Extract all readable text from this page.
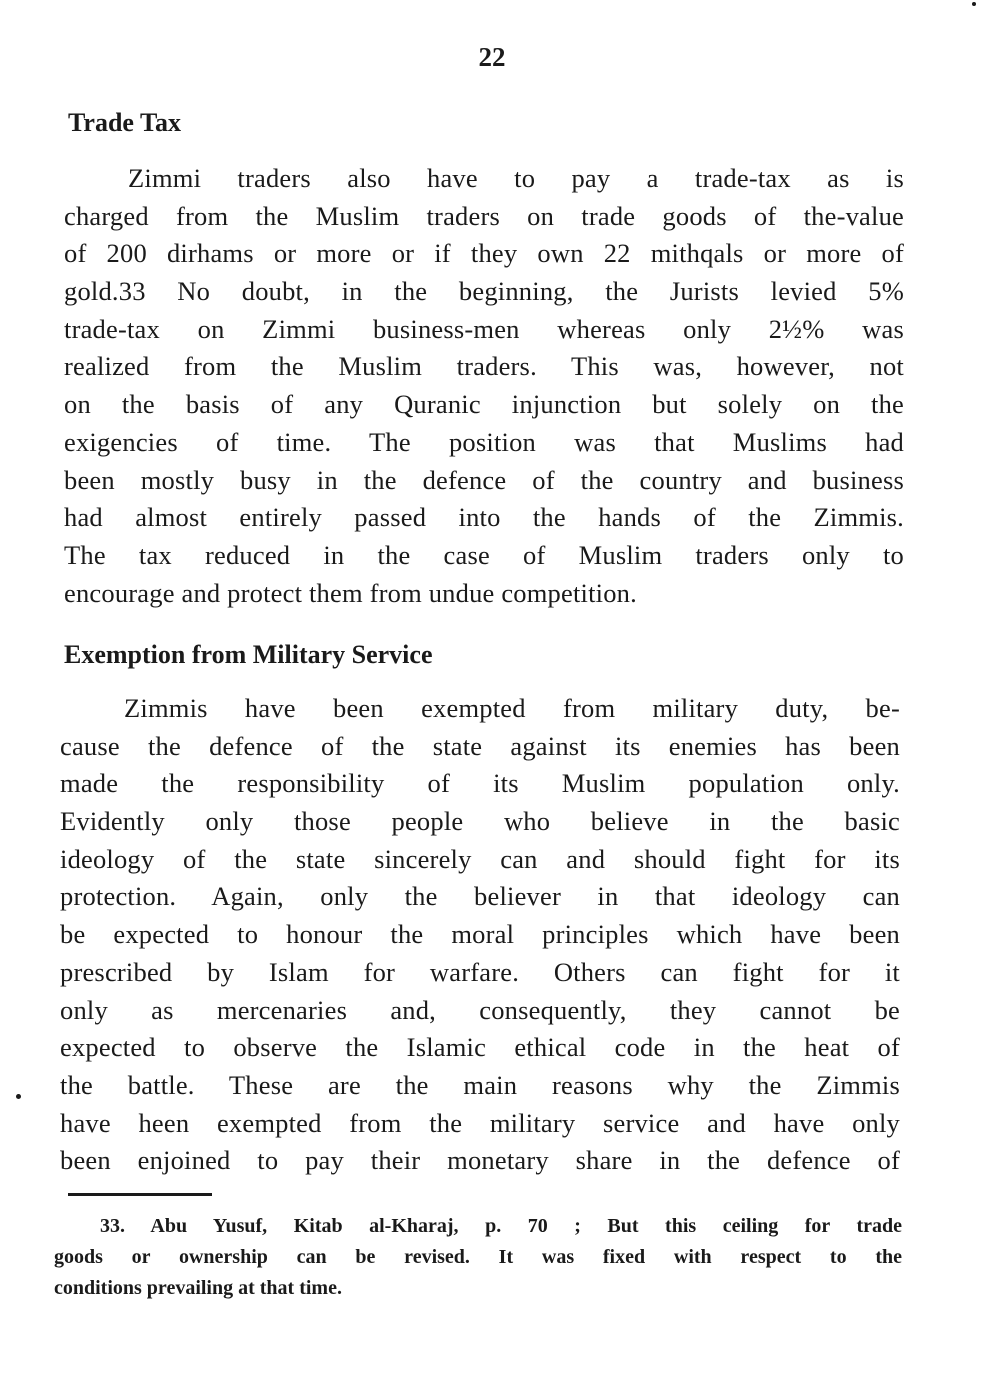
22
Trade Tax
Zimmi traders also have to pay a trade-tax as is
charged from the Muslim traders on trade goods of the-value
of 200 dirhams or more or if they own 22 mithqals or more of
gold.33 No doubt, in the beginning, the Jurists levied 5%
trade-tax on Zimmi business-men whereas only 2½% was
realized from the Muslim traders. This was, however, not
on the basis of any Quranic injunction but solely on the
exigencies of time. The position was that Muslims had
been mostly busy in the defence of the country and business
had almost entirely passed into the hands of the Zimmis.
The tax reduced in the case of Muslim traders only to
encourage and protect them from undue competition.
Exemption from Military Service
Zimmis have been exempted from military duty, be-
cause the defence of the state against its enemies has been
made the responsibility of its Muslim population only.
Evidently only those people who believe in the basic
ideology of the state sincerely can and should fight for its
protection. Again, only the believer in that ideology can
be expected to honour the moral principles which have been
prescribed by Islam for warfare. Others can fight for it
only as mercenaries and, consequently, they cannot be
expected to observe the Islamic ethical code in the heat of
the battle. These are the main reasons why the Zimmis
have heen exempted from the military service and have only
been enjoined to pay their monetary share in the defence of
33. Abu Yusuf, Kitab al-Kharaj, p. 70 ; But this ceiling for trade
goods or ownership can be revised. It was fixed with respect to the
conditions prevailing at that time.
